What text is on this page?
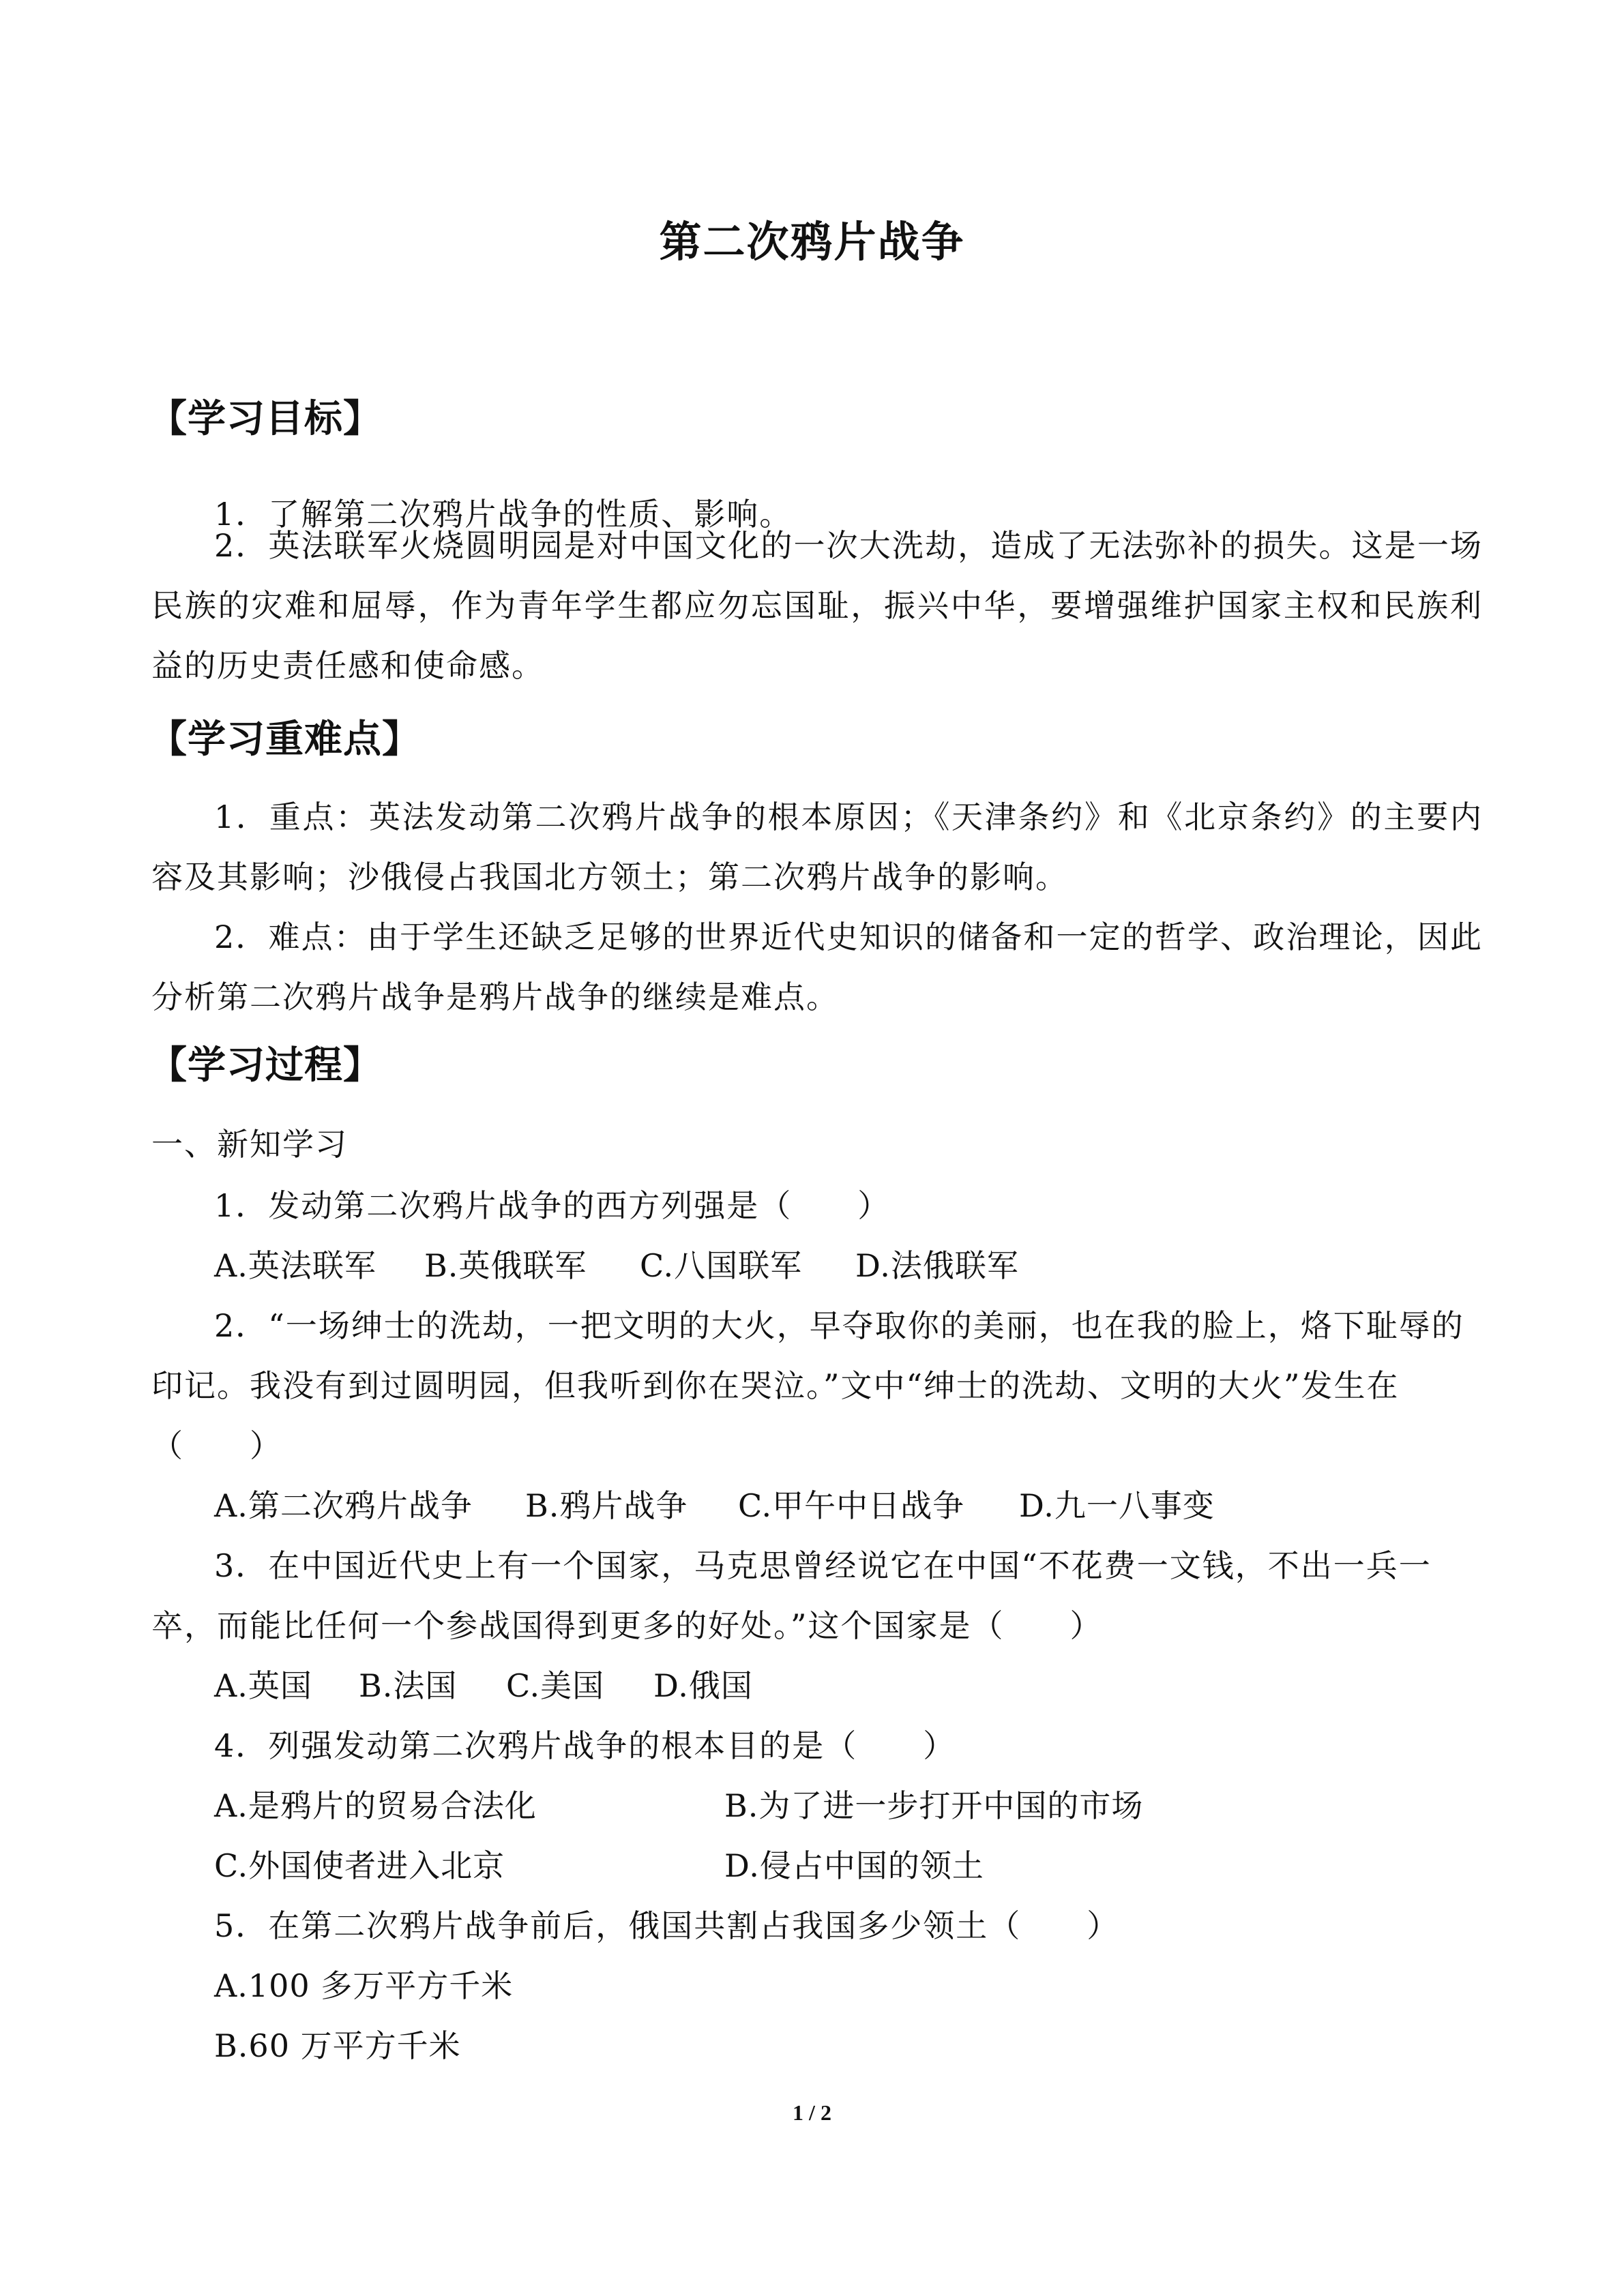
第二次鸦片战争
【学习目标】
1．了解第二次鸦片战争的性质、影响。
2．英法联军火烧圆明园是对中国文化的一次大洗劫，造成了无法弥补的损失。这是一场民族的灾难和屈辱，作为青年学生都应勿忘国耻，振兴中华，要增强维护国家主权和民族利益的历史责任感和使命感。
【学习重难点】
1．重点：英法发动第二次鸦片战争的根本原因；《天津条约》和《北京条约》的主要内容及其影响；沙俄侵占我国北方领土；第二次鸦片战争的影响。
2．难点：由于学生还缺乏足够的世界近代史知识的储备和一定的哲学、政治理论，因此分析第二次鸦片战争是鸦片战争的继续是难点。
【学习过程】
一、新知学习
1．发动第二次鸦片战争的西方列强是（　　）
A.英法联军 B.英俄联军 C.八国联军 D.法俄联军
2．“一场绅士的洗劫，一把文明的大火，早夺取你的美丽，也在我的脸上，烙下耻辱的
印记。我没有到过圆明园，但我听到你在哭泣。”文中“绅士的洗劫、文明的大火”发生在
（　　）
A.第二次鸦片战争 B.鸦片战争 C.甲午中日战争 D.九一八事变
3．在中国近代史上有一个国家，马克思曾经说它在中国“不花费一文钱，不出一兵一
卒，而能比任何一个参战国得到更多的好处。”这个国家是（　　）
A.英国 B.法国 C.美国 D.俄国
4．列强发动第二次鸦片战争的根本目的是（　　）
A.是鸦片的贸易合法化	B.为了进一步打开中国的市场
C.外国使者进入北京	D.侵占中国的领土
5．在第二次鸦片战争前后，俄国共割占我国多少领土（　　）
A.100 多万平方千米
B.60 万平方千米
1 / 2
